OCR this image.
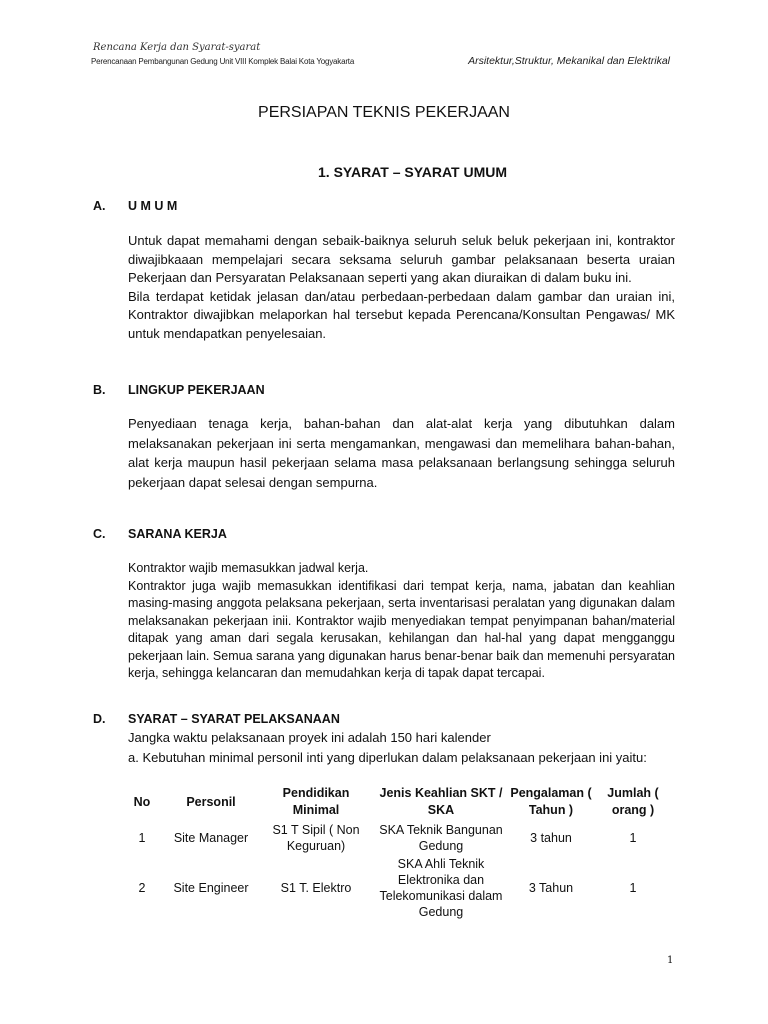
Rencana Kerja dan Syarat-syarat
Perencanaan Pembangunan Gedung Unit VIII Komplek Balai Kota Yogyakarta	Arsitektur,Struktur, Mekanikal dan Elektrikal
PERSIAPAN TEKNIS PEKERJAAN
1. SYARAT – SYARAT UMUM
A. U M U M

Untuk dapat memahami dengan sebaik-baiknya seluruh seluk beluk pekerjaan ini, kontraktor diwajibkaaan mempelajari secara seksama seluruh gambar pelaksanaan beserta uraian Pekerjaan dan Persyaratan Pelaksanaan seperti yang akan diuraikan di dalam buku ini.

Bila terdapat ketidak jelasan dan/atau perbedaan-perbedaan dalam gambar dan uraian ini, Kontraktor diwajibkan melaporkan hal tersebut kepada Perencana/Konsultan Pengawas/ MK untuk mendapatkan penyelesaian.

B. LINGKUP PEKERJAAN

Penyediaan tenaga kerja, bahan-bahan dan alat-alat kerja yang dibutuhkan dalam melaksanakan pekerjaan ini serta mengamankan, mengawasi dan memelihara bahan-bahan, alat kerja maupun hasil pekerjaan selama masa pelaksanaan berlangsung sehingga seluruh pekerjaan dapat selesai dengan sempurna.

C. SARANA KERJA

Kontraktor wajib memasukkan jadwal kerja.

Kontraktor juga wajib memasukkan identifikasi dari tempat kerja, nama, jabatan dan keahlian masing-masing anggota pelaksana pekerjaan, serta inventarisasi peralatan yang digunakan dalam melaksanakan pekerjaan inii. Kontraktor wajib menyediakan tempat penyimpanan bahan/material ditapak yang aman dari segala kerusakan, kehilangan dan hal-hal yang dapat mengganggu pekerjaan lain. Semua sarana yang digunakan harus benar-benar baik dan memenuhi persyaratan kerja, sehingga kelancaran dan memudahkan kerja di tapak dapat tercapai.

D. SYARAT – SYARAT PELAKSANAAN

Jangka waktu pelaksanaan proyek ini adalah 150 hari kalender

a. Kebutuhan minimal personil inti yang diperlukan dalam pelaksanaan pekerjaan ini yaitu:

No	Personil	Pendidikan Minimal	Jenis Keahlian SKT / SKA	Pengalaman ( Tahun )	Jumlah ( orang )
1	Site Manager	S1 T Sipil ( Non Keguruan)	SKA Teknik Bangunan Gedung	3 tahun	1
2	Site Engineer	S1 T. Elektro	SKA Ahli Teknik Elektronika dan Telekomunikasi dalam Gedung	3 Tahun	1
1
